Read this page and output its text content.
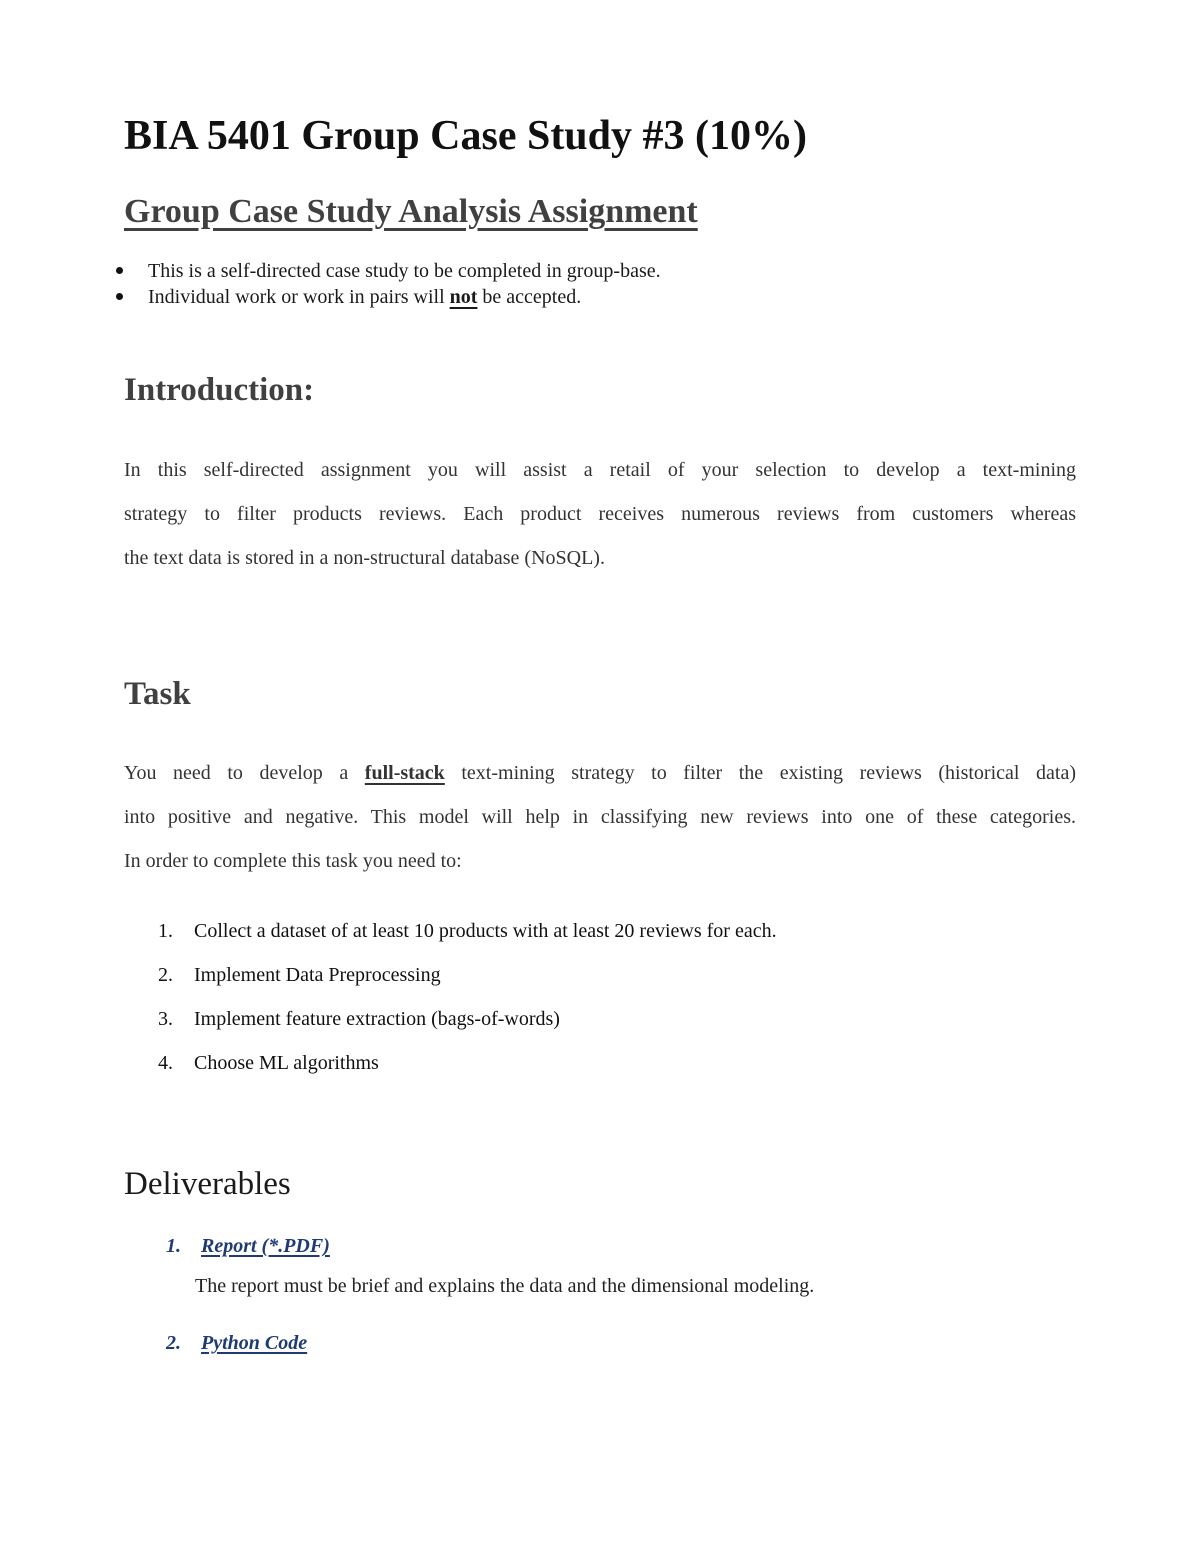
BIA 5401 Group Case Study #3 (10%)
Group Case Study Analysis Assignment
This is a self-directed case study to be completed in group-base.
Individual work or work in pairs will not be accepted.
Introduction:
In this self-directed assignment you will assist a retail of your selection to develop a text-mining
strategy to filter products reviews. Each product receives numerous reviews from customers whereas
the text data is stored in a non-structural database (NoSQL).
Task
You need to develop a full-stack text-mining strategy to filter the existing reviews (historical data)
into positive and negative. This model will help in classifying new reviews into one of these categories.
In order to complete this task you need to:
1. Collect a dataset of at least 10 products with at least 20 reviews for each.
2. Implement Data Preprocessing
3. Implement feature extraction (bags-of-words)
4. Choose ML algorithms
Deliverables
1. Report (*.PDF)
The report must be brief and explains the data and the dimensional modeling.
2. Python Code
